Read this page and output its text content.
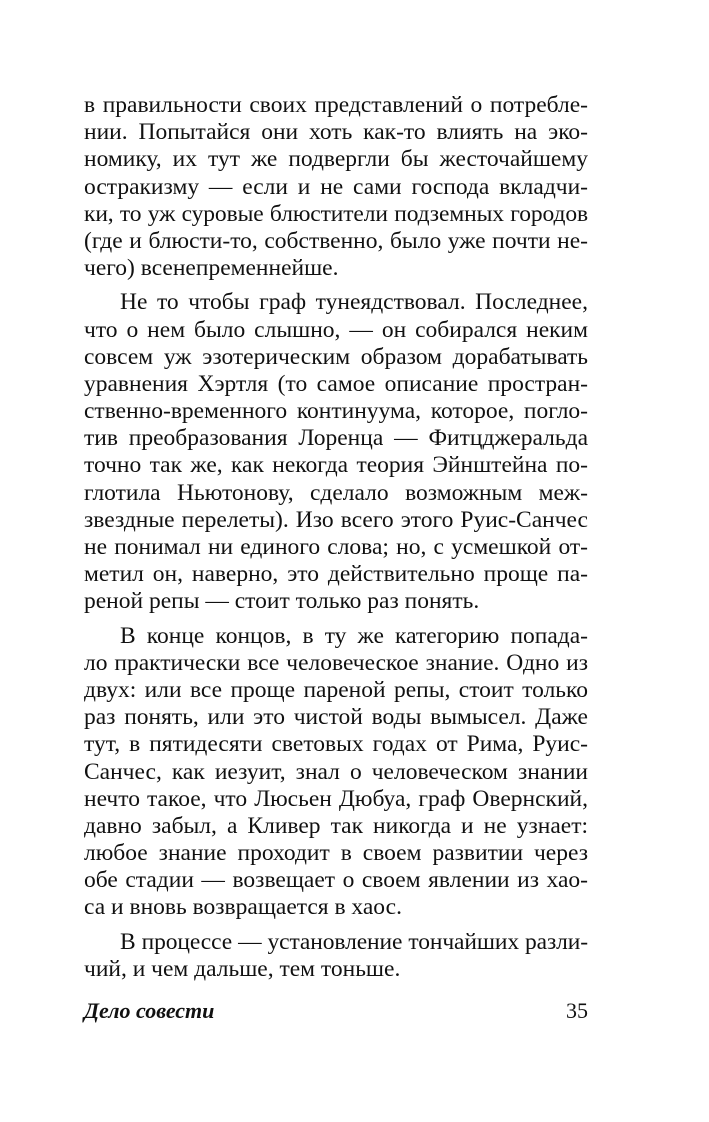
в правильности своих представлений о потребле-
нии. Попытайся они хоть как-то влиять на эко-
номику, их тут же подвергли бы жесточайшему
остракизму — если и не сами господа вкладчи-
ки, то уж суровые блюстители подземных городов
(где и блюсти-то, собственно, было уже почти не-
чего) всенепременнейше.
Не то чтобы граф тунеядствовал. Последнее,
что о нем было слышно, — он собирался неким
совсем уж эзотерическим образом дорабатывать
уравнения Хэртля (то самое описание простран-
ственно-временного континуума, которое, погло-
тив преобразования Лоренца — Фитцджеральда
точно так же, как некогда теория Эйнштейна по-
глотила Ньютонову, сделало возможным меж-
звездные перелеты). Изо всего этого Руис-Санчес
не понимал ни единого слова; но, с усмешкой от-
метил он, наверно, это действительно проще па-
реной репы — стоит только раз понять.
В конце концов, в ту же категорию попада-
ло практически все человеческое знание. Одно из
двух: или все проще пареной репы, стоит только
раз понять, или это чистой воды вымысел. Даже
тут, в пятидесяти световых годах от Рима, Руис-
Санчес, как иезуит, знал о человеческом знании
нечто такое, что Люсьен Дюбуа, граф Овернский,
давно забыл, а Кливер так никогда и не узнает:
любое знание проходит в своем развитии через
обе стадии — возвещает о своем явлении из хао-
са и вновь возвращается в хаос.
В процессе — установление тончайших разли-
чий, и чем дальше, тем тоньше.
Дело совести	35
